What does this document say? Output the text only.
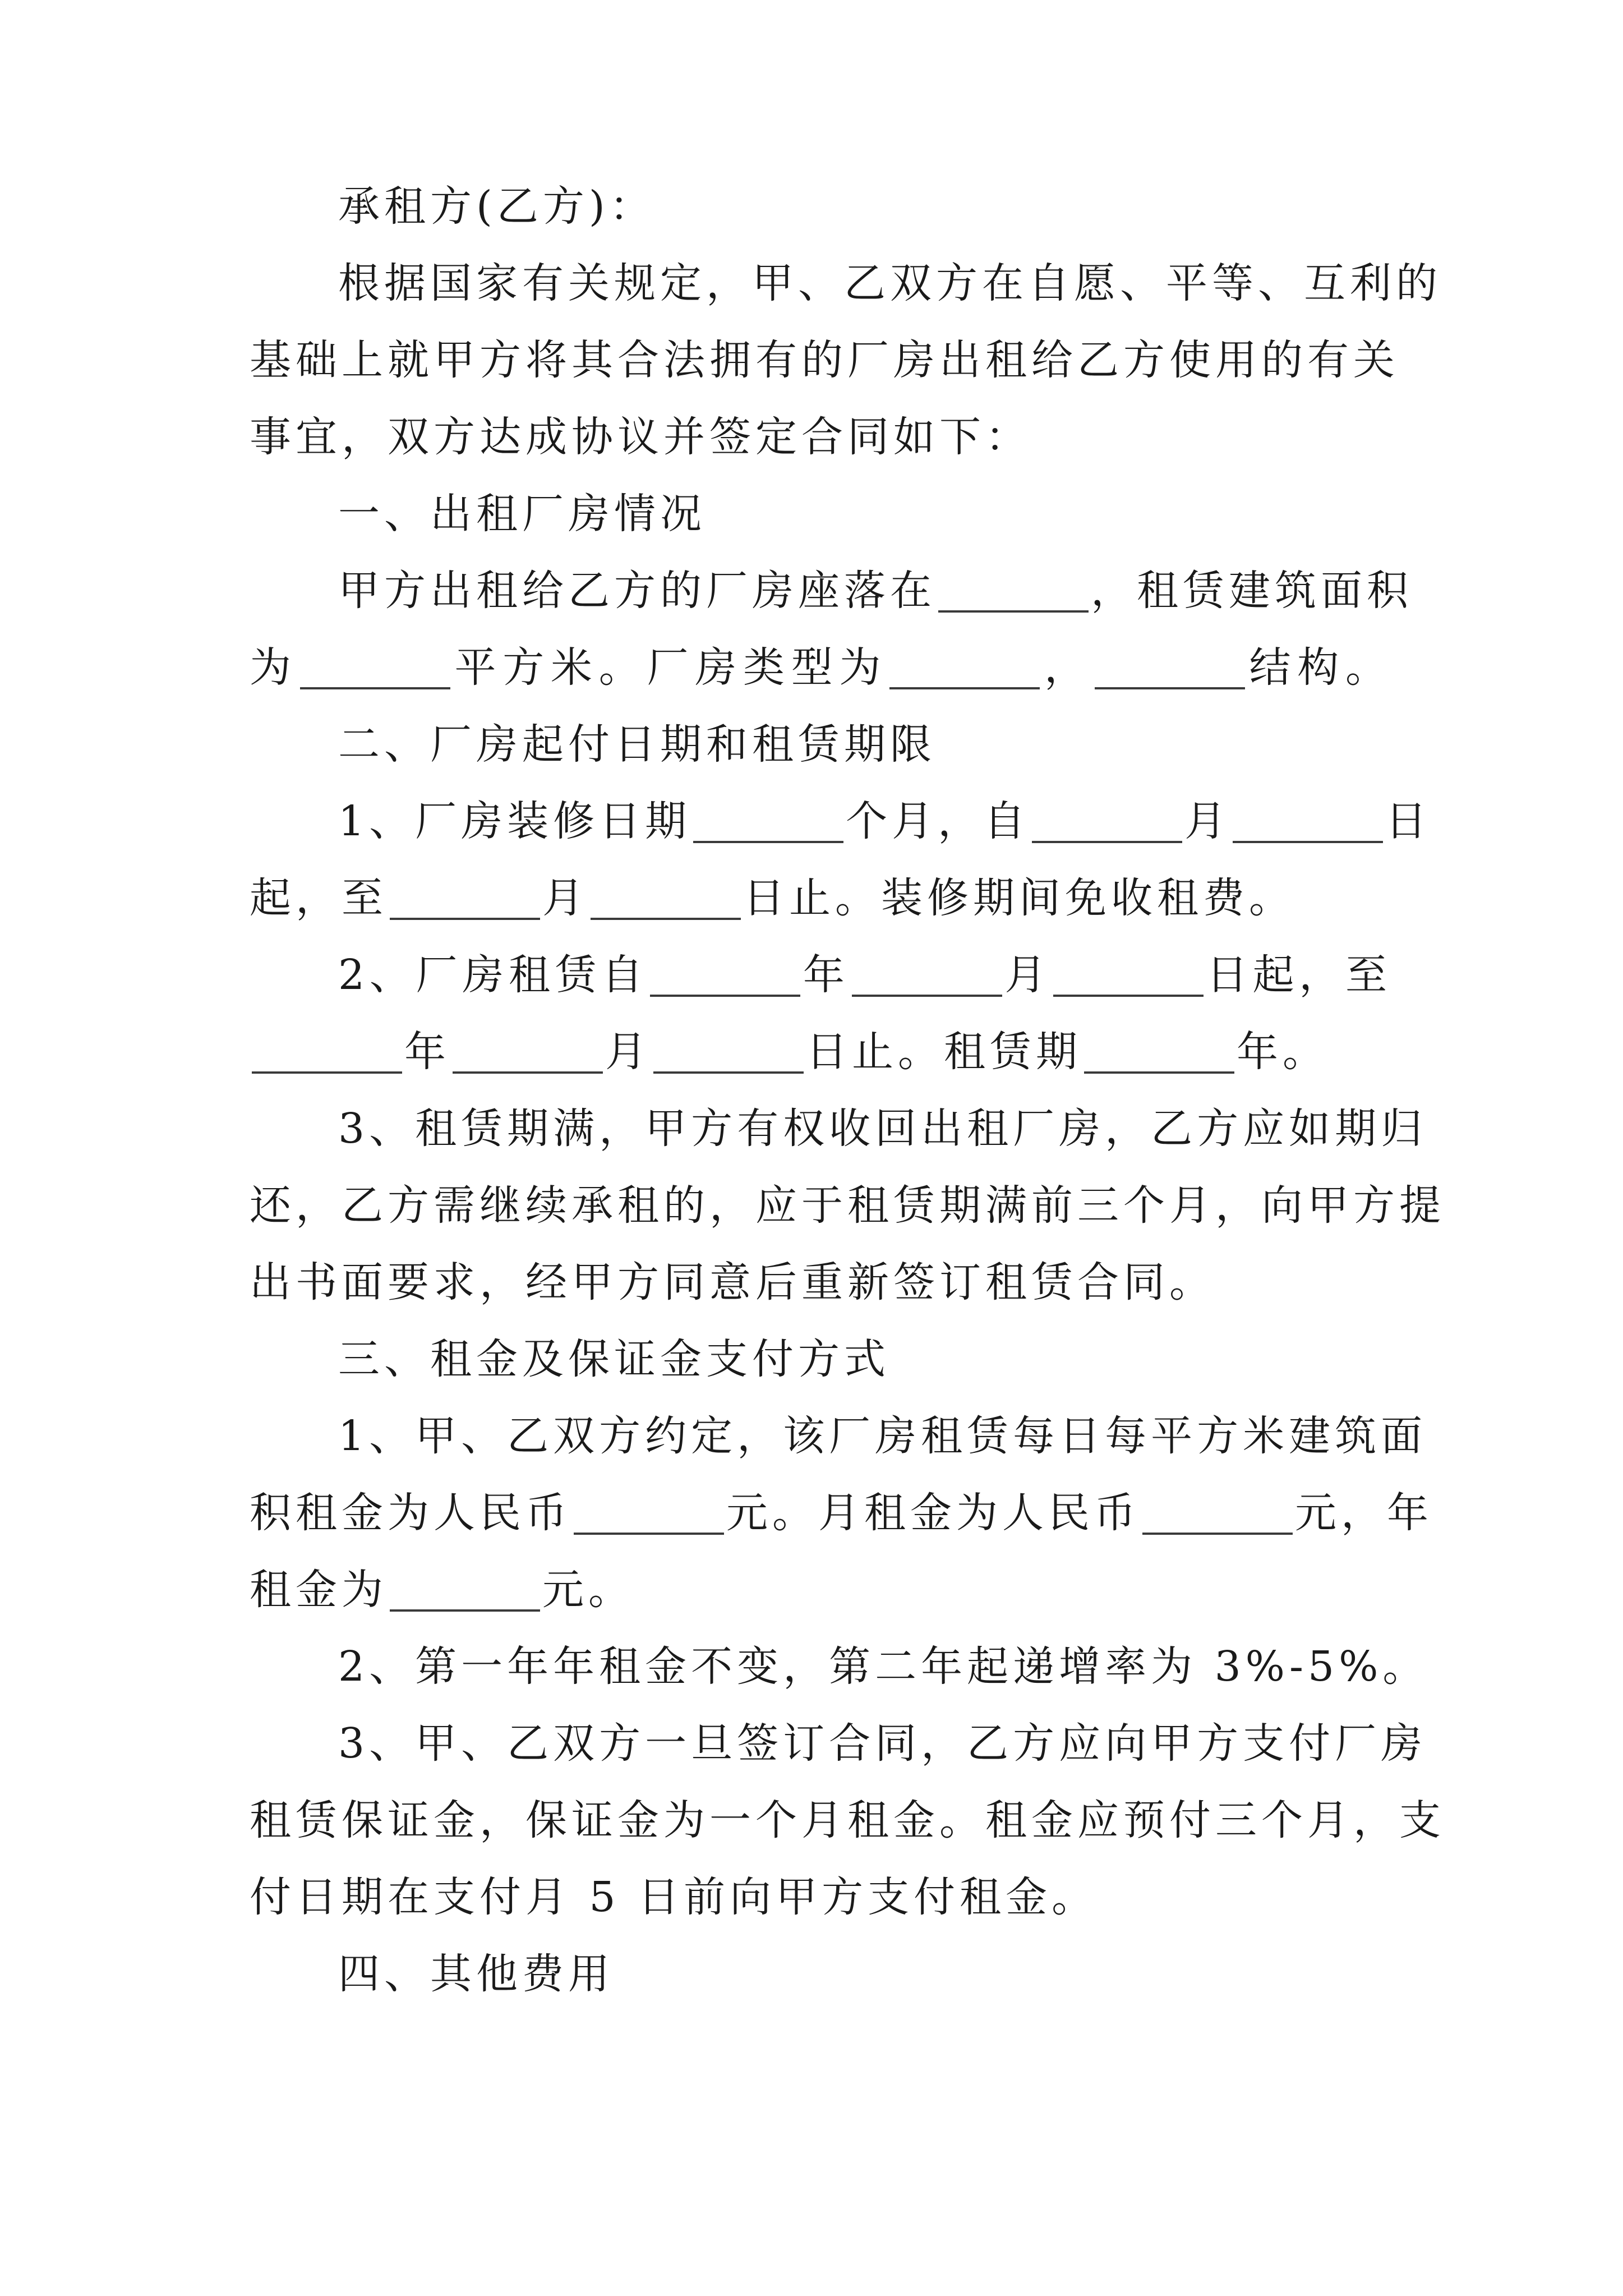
承租方(乙方)：
根据国家有关规定，甲、乙双方在自愿、平等、互利的
基础上就甲方将其合法拥有的厂房出租给乙方使用的有关
事宜，双方达成协议并签定合同如下：
一、出租厂房情况
甲方出租给乙方的厂房座落在	，租赁建筑面积
为	平方米。厂房类型为	，	结构。
二、厂房起付日期和租赁期限
1、厂房装修日期	个月，自	月	日
起，至	月	日止。装修期间免收租费。
2、厂房租赁自	年	月	日起，至
年	月	日止。租赁期	年。
3、租赁期满，甲方有权收回出租厂房，乙方应如期归
还，乙方需继续承租的，应于租赁期满前三个月，向甲方提
出书面要求，经甲方同意后重新签订租赁合同。
三、租金及保证金支付方式
1、甲、乙双方约定，该厂房租赁每日每平方米建筑面
积租金为人民币	元。月租金为人民币	元，年
租金为	元。
2、第一年年租金不变，第二年起递增率为 3%-5%。
3、甲、乙双方一旦签订合同，乙方应向甲方支付厂房
租赁保证金，保证金为一个月租金。租金应预付三个月，支
付日期在支付月 5 日前向甲方支付租金。
四、其他费用
